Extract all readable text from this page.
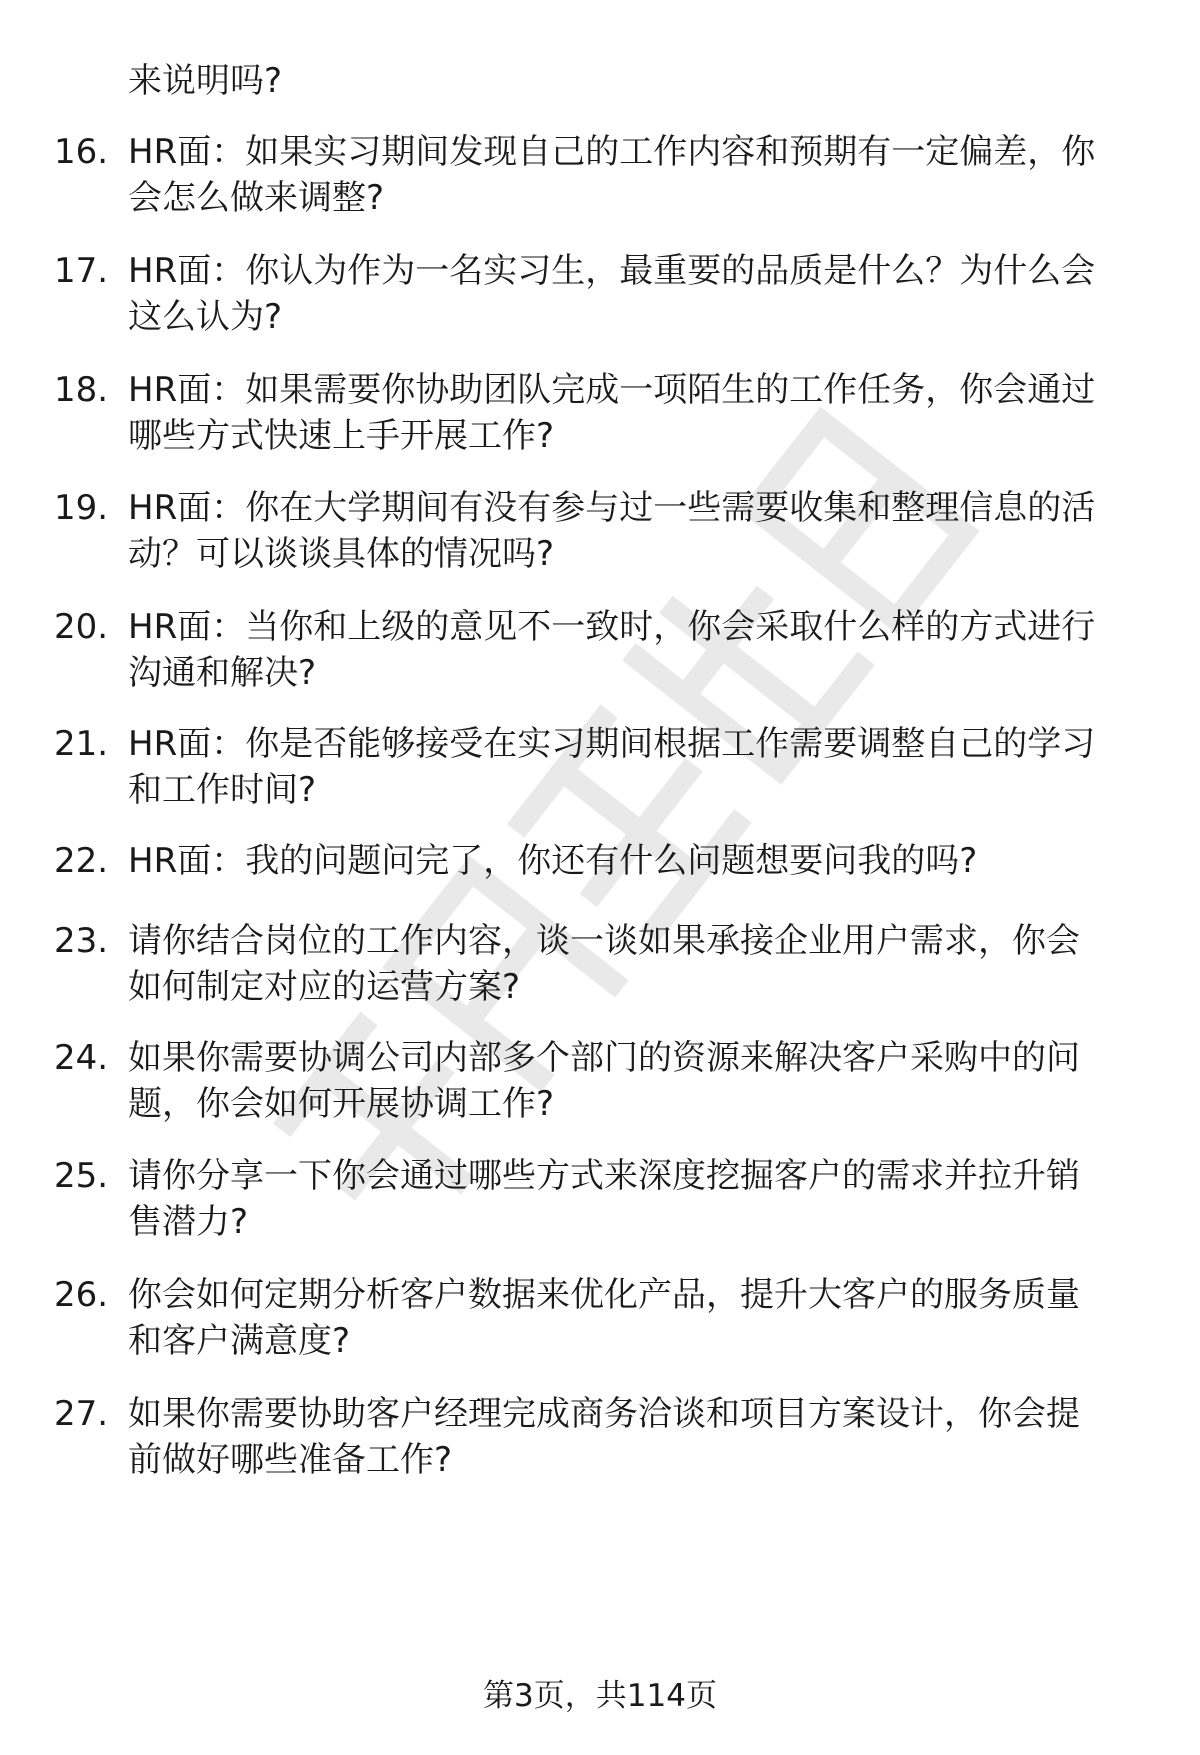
来说明吗?
16. HR面：如果实习期间发现自己的工作内容和预期有一定偏差，你
会怎么做来调整?
17. HR面：你认为作为一名实习生，最重要的品质是什么？为什么会
这么认为?
18. HR面：如果需要你协助团队完成一项陌生的工作任务，你会通过
哪些方式快速上手开展工作?
19. HR面：你在大学期间有没有参与过一些需要收集和整理信息的活
动？可以谈谈具体的情况吗?
20. HR面：当你和上级的意见不一致时，你会采取什么样的方式进行
沟通和解决?
21. HR面：你是否能够接受在实习期间根据工作需要调整自己的学习
和工作时间?
22. HR面：我的问题问完了，你还有什么问题想要问我的吗?
23. 请你结合岗位的工作内容，谈一谈如果承接企业用户需求，你会
如何制定对应的运营方案?
24. 如果你需要协调公司内部多个部门的资源来解决客户采购中的问
题，你会如何开展协调工作?
25. 请你分享一下你会通过哪些方式来深度挖掘客户的需求并拉升销
售潜力?
26. 你会如何定期分析客户数据来优化产品，提升大客户的服务质量
和客户满意度?
27. 如果你需要协助客户经理完成商务洽谈和项目方案设计，你会提
前做好哪些准备工作?
第3页，共114页
